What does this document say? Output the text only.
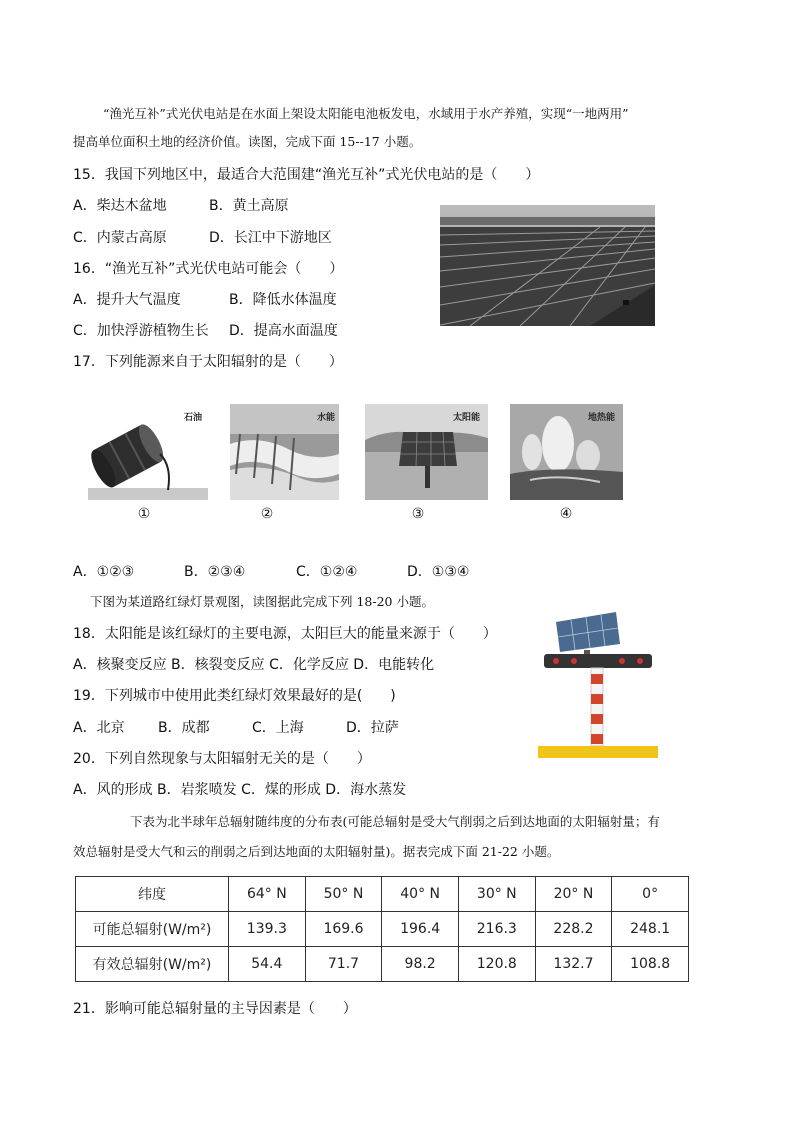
“渔光互补”式光伏电站是在水面上架设太阳能电池板发电，水域用于水产养殖，实现“一地两用”
提高单位面积土地的经济价值。读图，完成下面 15--17 小题。
15．我国下列地区中，最适合大范围建“渔光互补”式光伏电站的是（　　）
A．柴达木盆地	B．黄土高原
C．内蒙古高原	D．长江中下游地区
16．“渔光互补”式光伏电站可能会（　　）
A．提升大气温度	B．降低水体温度
C．加快浮游植物生长 D．提高水面温度
17．下列能源来自于太阳辐射的是（　　）
石油	水能	太阳能	地热能
①	②	③	④
A．①②③	B．②③④	C．①②④	D．①③④
下图为某道路红绿灯景观图，读图据此完成下列 18-20 小题。
18．太阳能是该红绿灯的主要电源，太阳巨大的能量来源于（　　）
A．核聚变反应 B．核裂变反应 C．化学反应 D．电能转化
19．下列城市中使用此类红绿灯效果最好的是(　　)
A．北京 B．成都	C．上海	D．拉萨
20．下列自然现象与太阳辐射无关的是（　　）
A．风的形成 B．岩浆喷发 C．煤的形成 D．海水蒸发
下表为北半球年总辐射随纬度的分布表(可能总辐射是受大气削弱之后到达地面的太阳辐射量；有
效总辐射是受大气和云的削弱之后到达地面的太阳辐射量)。据表完成下面 21-22 小题。
纬度	64° N	50° N	40° N	30° N	20° N	0°
可能总辐射(W/m²)	139.3	169.6	196.4	216.3	228.2	248.1
有效总辐射(W/m²)	54.4	71.7	98.2	120.8	132.7	108.8
21．影响可能总辐射量的主导因素是（　　）
